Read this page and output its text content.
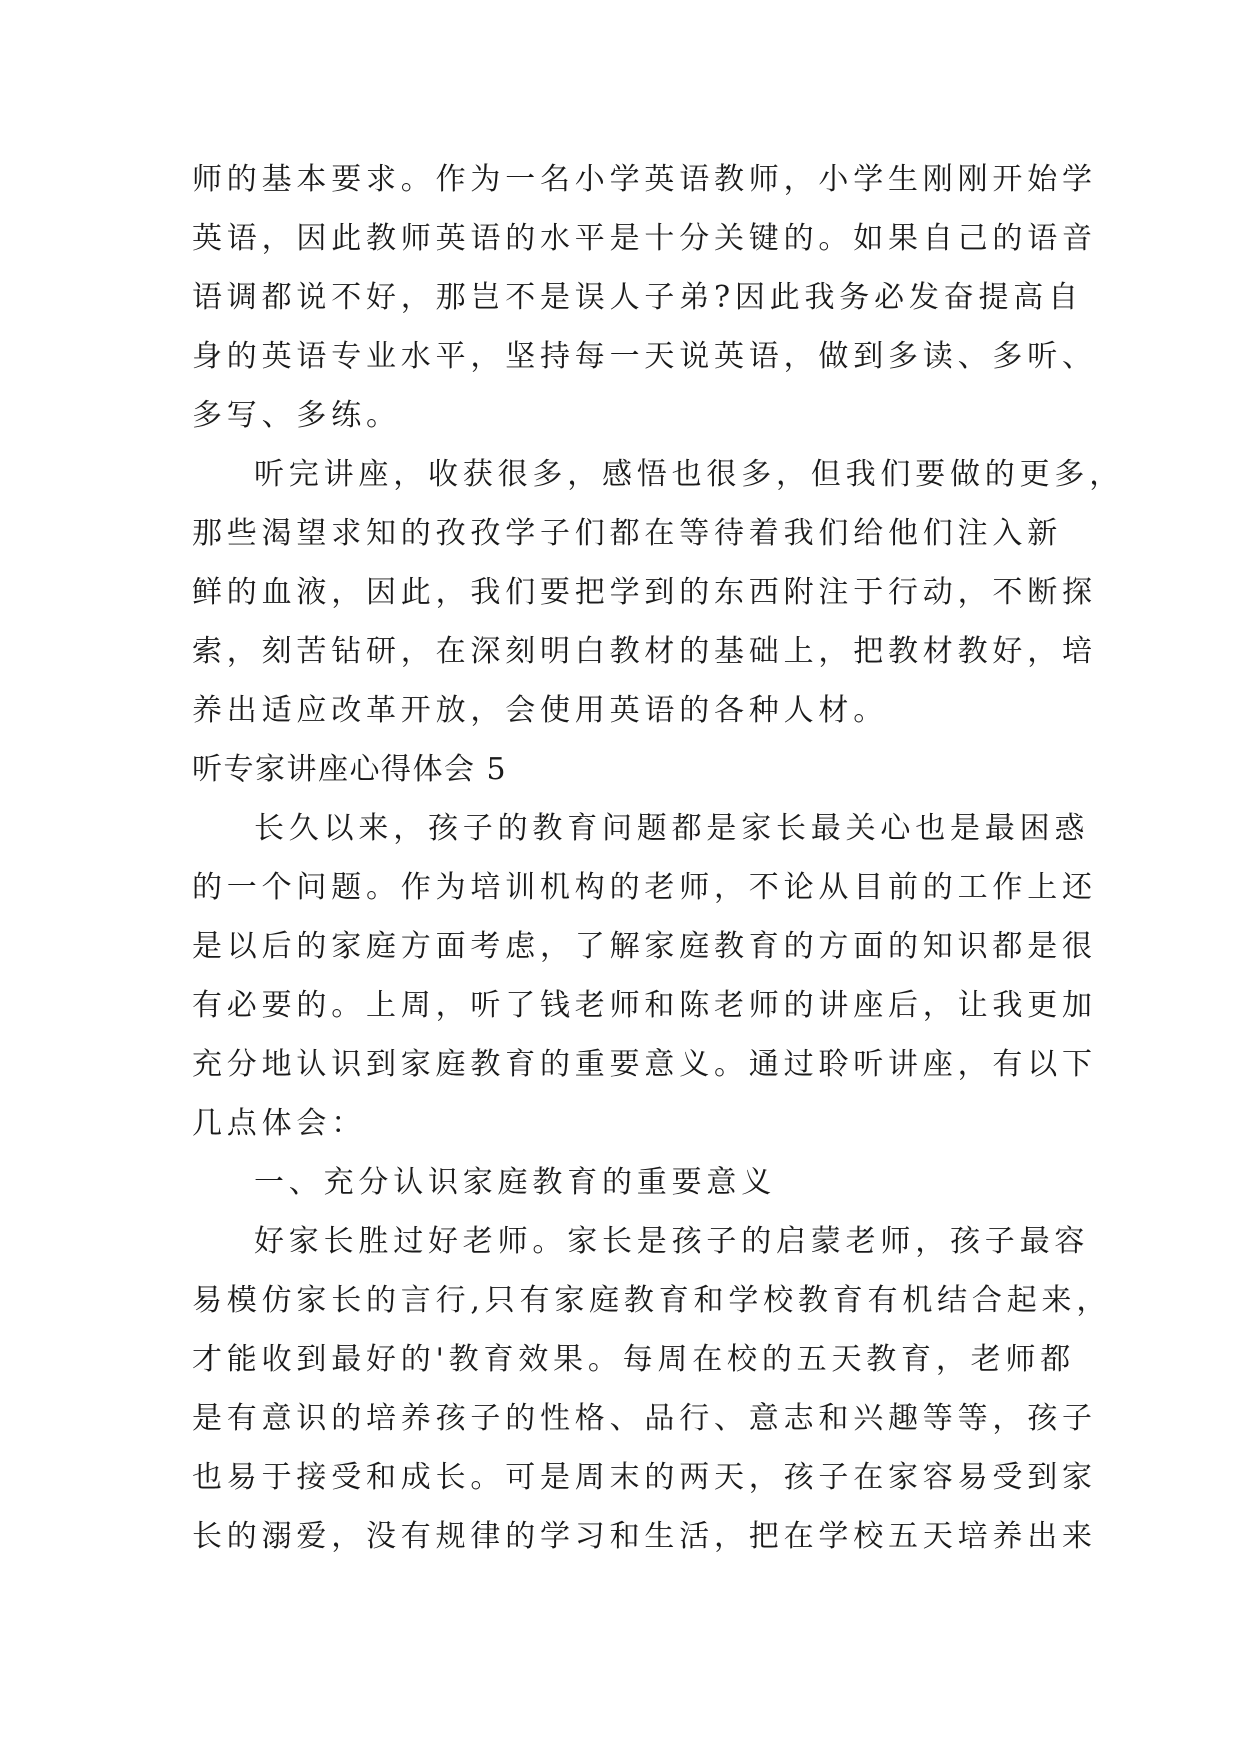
师的基本要求。作为一名小学英语教师，小学生刚刚开始学
英语，因此教师英语的水平是十分关键的。如果自己的语音
语调都说不好，那岂不是误人子弟?因此我务必发奋提高自
身的英语专业水平，坚持每一天说英语，做到多读、多听、
多写、多练。
听完讲座，收获很多，感悟也很多，但我们要做的更多，
那些渴望求知的孜孜学子们都在等待着我们给他们注入新
鲜的血液，因此，我们要把学到的东西附注于行动，不断探
索，刻苦钻研，在深刻明白教材的基础上，把教材教好，培
养出适应改革开放，会使用英语的各种人材。
听专家讲座心得体会 5
长久以来，孩子的教育问题都是家长最关心也是最困惑
的一个问题。作为培训机构的老师，不论从目前的工作上还
是以后的家庭方面考虑，了解家庭教育的方面的知识都是很
有必要的。上周，听了钱老师和陈老师的讲座后，让我更加
充分地认识到家庭教育的重要意义。通过聆听讲座，有以下
几点体会：
一、充分认识家庭教育的重要意义
好家长胜过好老师。家长是孩子的启蒙老师，孩子最容
易模仿家长的言行,只有家庭教育和学校教育有机结合起来，
才能收到最好的'教育效果。每周在校的五天教育，老师都
是有意识的培养孩子的性格、品行、意志和兴趣等等，孩子
也易于接受和成长。可是周末的两天，孩子在家容易受到家
长的溺爱，没有规律的学习和生活，把在学校五天培养出来
